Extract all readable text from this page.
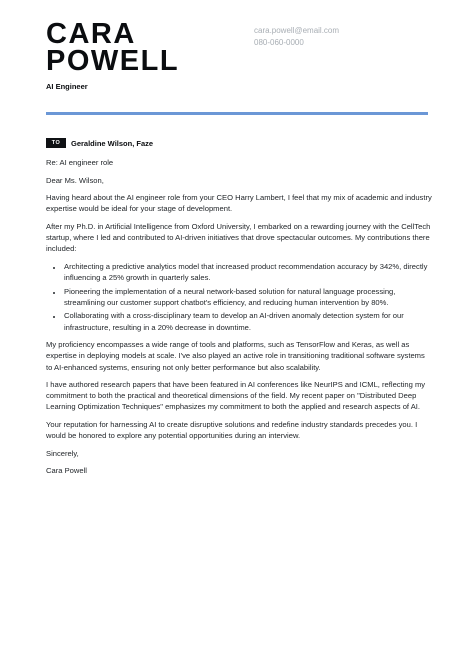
CARA
POWELL
AI Engineer
cara.powell@email.com
080-060-0000
TO	Geraldine Wilson, Faze

Re: AI engineer role

Dear Ms. Wilson,

Having heard about the AI engineer role from your CEO Harry Lambert, I feel that my mix of academic and industry expertise would be ideal for your stage of development.

After my Ph.D. in Artificial Intelligence from Oxford University, I embarked on a rewarding journey with the CellTech startup, where I led and contributed to AI-driven initiatives that drove spectacular outcomes. My contributions there included:

• Architecting a predictive analytics model that increased product recommendation accuracy by 342%, directly influencing a 25% growth in quarterly sales.
• Pioneering the implementation of a neural network-based solution for natural language processing, streamlining our customer support chatbot's efficiency, and reducing human intervention by 80%.
• Collaborating with a cross-disciplinary team to develop an AI-driven anomaly detection system for our infrastructure, resulting in a 20% decrease in downtime.

My proficiency encompasses a wide range of tools and platforms, such as TensorFlow and Keras, as well as expertise in deploying models at scale. I've also played an active role in transitioning traditional software systems to AI-enhanced systems, ensuring not only better performance but also scalability.

I have authored research papers that have been featured in AI conferences like NeurIPS and ICML, reflecting my commitment to both the practical and theoretical dimensions of the field. My recent paper on "Distributed Deep Learning Optimization Techniques" emphasizes my commitment to both the applied and research aspects of AI.

Your reputation for harnessing AI to create disruptive solutions and redefine industry standards precedes you. I would be honored to explore any potential opportunities during an interview.

Sincerely,

Cara Powell
